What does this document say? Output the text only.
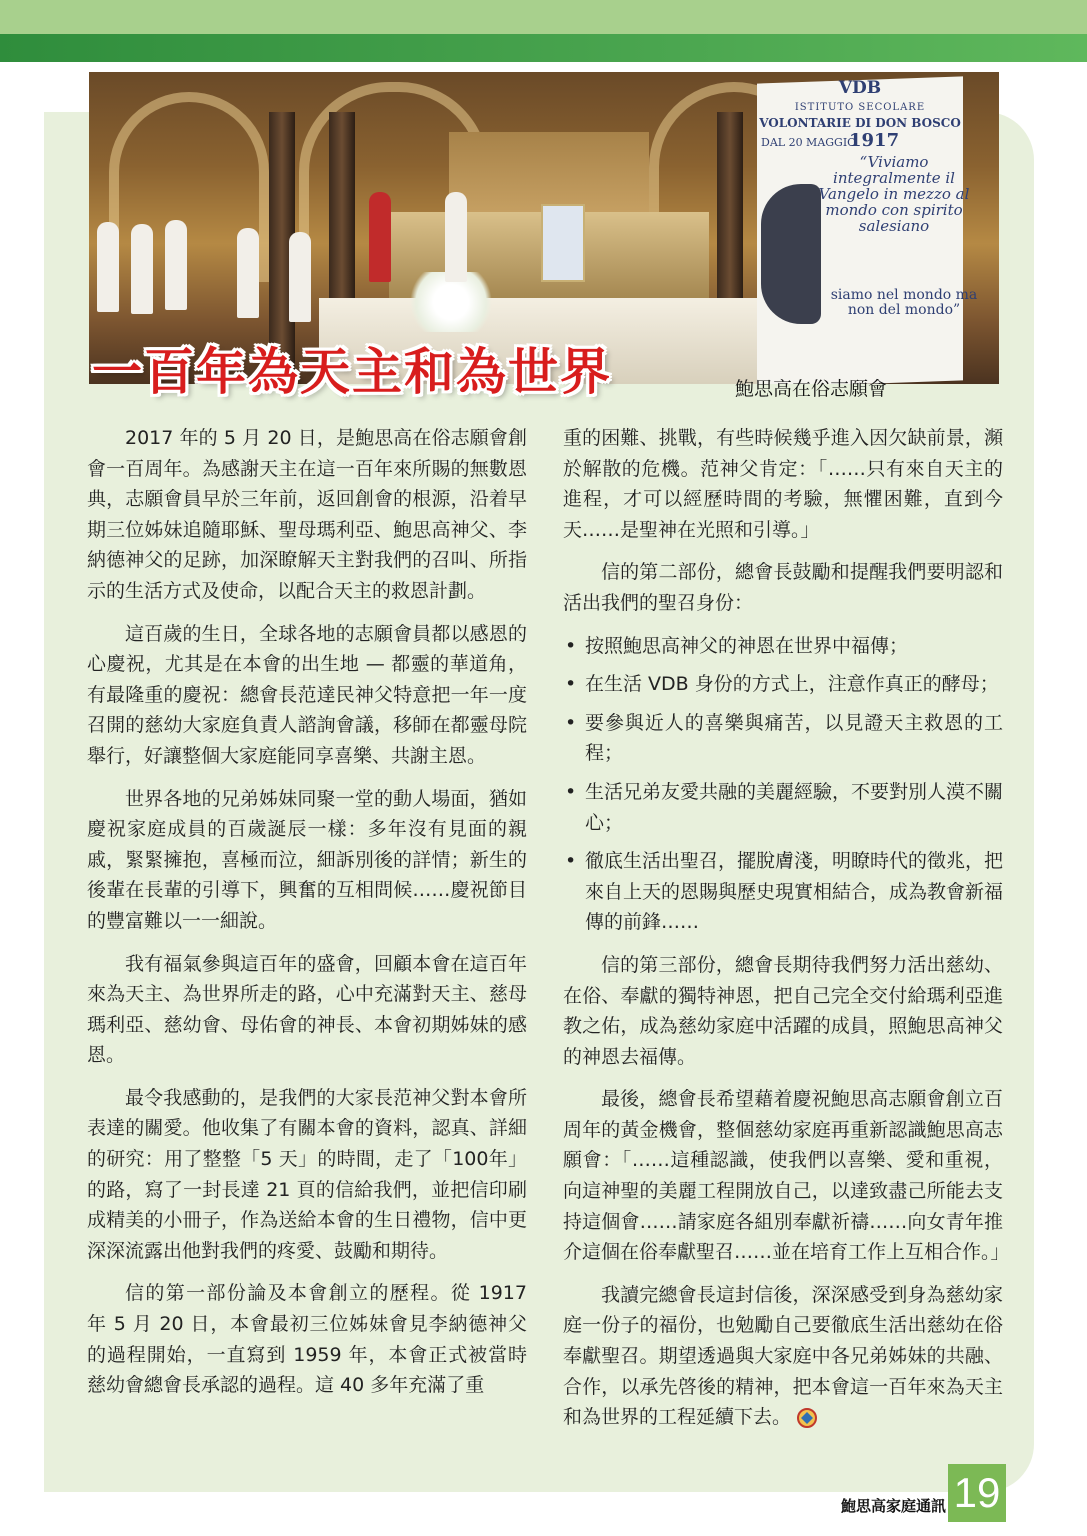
VDB
ISTITUTO SECOLARE
VOLONTARIE DI DON BOSCO
DAL 20 MAGGIO
1917
“Viviamo integralmente il Vangelo in mezzo al mondo con spirito salesiano
siamo nel mondo ma non del mondo”
一百年為天主和為世界	鮑思高在俗志願會

2017 年的 5 月 20 日，是鮑思高在俗志願會創會一百周年。為感謝天主在這一百年來所賜的無數恩典，志願會員早於三年前，返回創會的根源，沿着早期三位姊妹追隨耶穌、聖母瑪利亞、鮑思高神父、李納德神父的足跡，加深瞭解天主對我們的召叫、所指示的生活方式及使命，以配合天主的救恩計劃。

這百歲的生日，全球各地的志願會員都以感恩的心慶祝，尤其是在本會的出生地 — 都靈的華道角，有最隆重的慶祝：總會長范達民神父特意把一年一度召開的慈幼大家庭負責人諮詢會議，移師在都靈母院舉行，好讓整個大家庭能同享喜樂、共謝主恩。

世界各地的兄弟姊妹同聚一堂的動人場面，猶如慶祝家庭成員的百歲誕辰一樣：多年沒有見面的親戚，緊緊擁抱，喜極而泣，細訴別後的詳情；新生的後輩在長輩的引導下，興奮的互相問候……慶祝節目的豐富難以一一細說。

我有福氣參與這百年的盛會，回顧本會在這百年來為天主、為世界所走的路，心中充滿對天主、慈母瑪利亞、慈幼會、母佑會的神長、本會初期姊妹的感恩。

最令我感動的，是我們的大家長范神父對本會所表達的關愛。他收集了有關本會的資料，認真、詳細的研究：用了整整「5 天」的時間，走了「100年」的路，寫了一封長達 21 頁的信給我們，並把信印刷成精美的小冊子，作為送給本會的生日禮物，信中更深深流露出他對我們的疼愛、鼓勵和期待。

信的第一部份論及本會創立的歷程。從 1917 年 5 月 20 日，本會最初三位姊妹會見李納德神父的過程開始，一直寫到 1959 年，本會正式被當時慈幼會總會長承認的過程。這 40 多年充滿了重

重的困難、挑戰，有些時候幾乎進入因欠缺前景，瀕於解散的危機。范神父肯定：「……只有來自天主的進程，才可以經歷時間的考驗，無懼困難，直到今天……是聖神在光照和引導。」

信的第二部份，總會長鼓勵和提醒我們要明認和活出我們的聖召身份：

• 按照鮑思高神父的神恩在世界中福傳；
• 在生活 VDB 身份的方式上，注意作真正的酵母；
• 要參與近人的喜樂與痛苦，以見證天主救恩的工程；
• 生活兄弟友愛共融的美麗經驗，不要對別人漠不關心；
• 徹底生活出聖召，擺脫膚淺，明瞭時代的徵兆，把來自上天的恩賜與歷史現實相結合，成為教會新福傳的前鋒……

信的第三部份，總會長期待我們努力活出慈幼、在俗、奉獻的獨特神恩，把自己完全交付給瑪利亞進教之佑，成為慈幼家庭中活躍的成員，照鮑思高神父的神恩去福傳。

最後，總會長希望藉着慶祝鮑思高志願會創立百周年的黃金機會，整個慈幼家庭再重新認識鮑思高志願會：「……這種認識，使我們以喜樂、愛和重視，向這神聖的美麗工程開放自己，以達致盡己所能去支持這個會……請家庭各組別奉獻祈禱……向女青年推介這個在俗奉獻聖召……並在培育工作上互相合作。」

我讀完總會長這封信後，深深感受到身為慈幼家庭一份子的福份，也勉勵自己要徹底生活出慈幼在俗奉獻聖召。期望透過與大家庭中各兄弟姊妹的共融、合作，以承先啓後的精神，把本會這一百年來為天主和為世界的工程延續下去。

鮑思高家庭通訊 19
